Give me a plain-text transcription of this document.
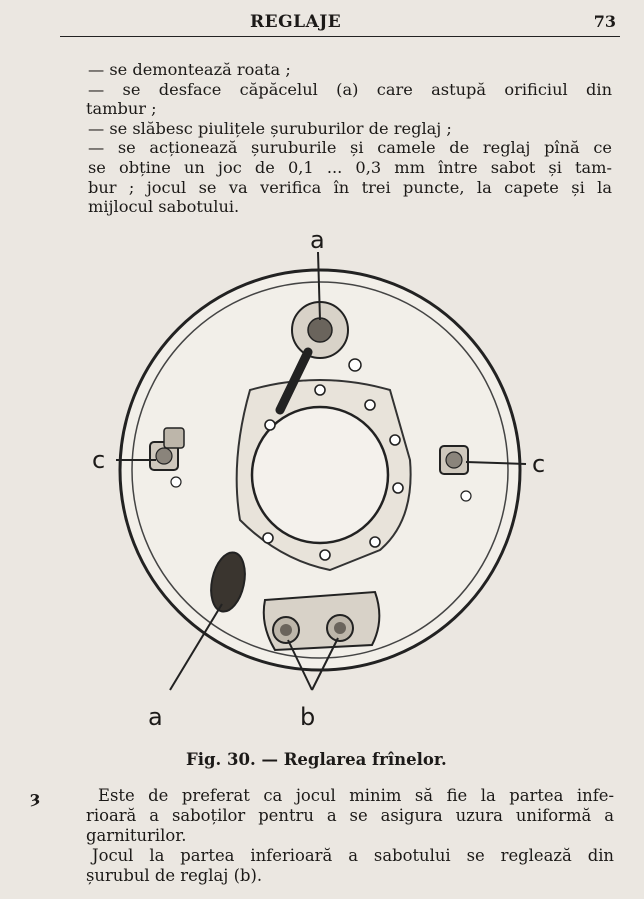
REGLAJE	73
— se demontează roata ;
— se desface căpăcelul (a) care astupă orificiul din
tambur ;
— se slăbesc piulițele șuruburilor de reglaj ;
— se acționează șuruburile și camele de reglaj pînă ce
se obține un joc de 0,1 ... 0,3 mm între sabot și tam-
bur ; jocul se va verifica în trei puncte, la capete și la
mijlocul sabotului.
a
c	c
a	b
Fig. 30. — Reglarea frînelor.
ȝ	Este de preferat ca jocul minim să fie la partea infe-
rioară a saboților pentru a se asigura uzura uniformă a
garniturilor.
Jocul la partea inferioară a sabotului se reglează din
șurubul de reglaj (b).
